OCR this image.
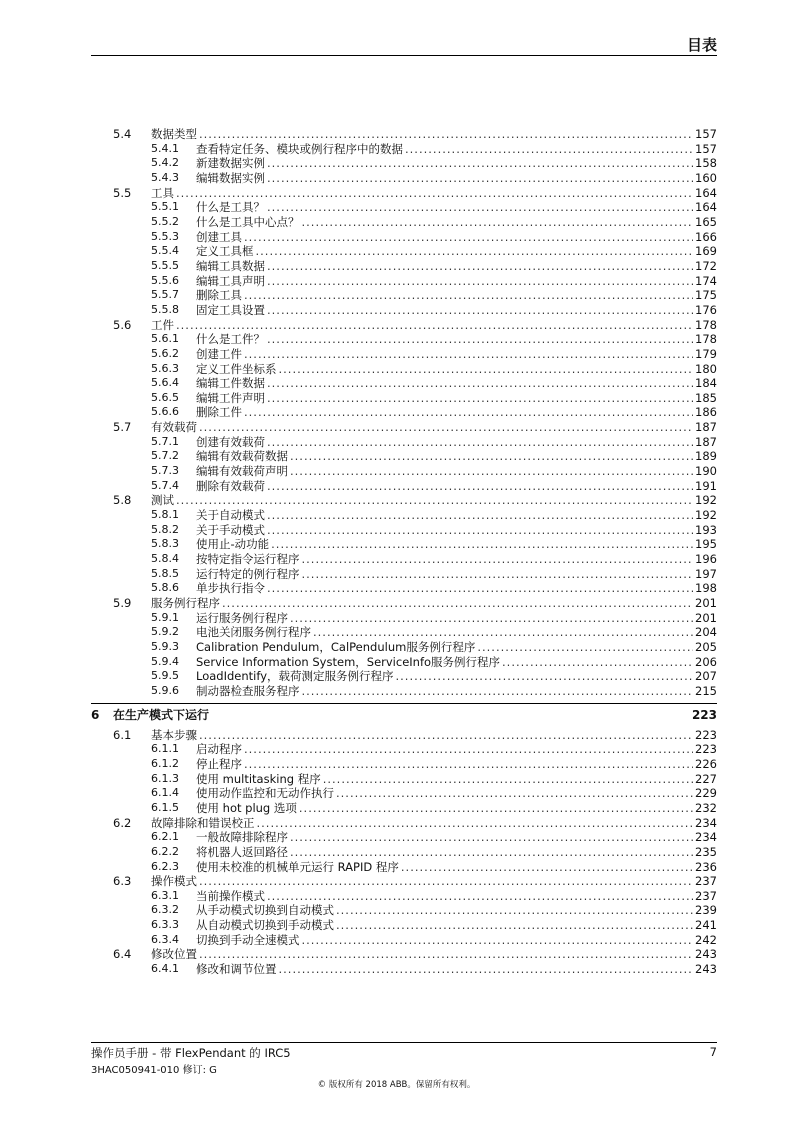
目表
5.4 数据类型 .....	157
5.4.1 查看特定任务、模块或例行程序中的数据 .....	157
5.4.2 新建数据实例 .....	158
5.4.3 编辑数据实例 .....	160
5.5 工具 .....	164
5.5.1 什么是工具？ .....	164
5.5.2 什么是工具中心点？ .....	165
5.5.3 创建工具 .....	166
5.5.4 定义工具框 .....	169
5.5.5 编辑工具数据 .....	172
5.5.6 编辑工具声明 .....	174
5.5.7 删除工具 .....	175
5.5.8 固定工具设置 .....	176
5.6 工件 .....	178
5.6.1 什么是工件？ .....	178
5.6.2 创建工件 .....	179
5.6.3 定义工件坐标系 .....	180
5.6.4 编辑工件数据 .....	184
5.6.5 编辑工件声明 .....	185
5.6.6 删除工件 .....	186
5.7 有效载荷 .....	187
5.7.1 创建有效载荷 .....	187
5.7.2 编辑有效载荷数据 .....	189
5.7.3 编辑有效载荷声明 .....	190
5.7.4 删除有效载荷 .....	191
5.8 测试 .....	192
5.8.1 关于自动模式 .....	192
5.8.2 关于手动模式 .....	193
5.8.3 使用止-动功能 .....	195
5.8.4 按特定指令运行程序 .....	196
5.8.5 运行特定的例行程序 .....	197
5.8.6 单步执行指令 .....	198
5.9 服务例行程序 .....	201
5.9.1 运行服务例行程序 .....	201
5.9.2 电池关闭服务例行程序 .....	204
5.9.3 Calibration Pendulum，CalPendulum服务例行程序 .....	205
5.9.4 Service Information System，ServiceInfo服务例行程序 .....	206
5.9.5 LoadIdentify，载荷测定服务例行程序 .....	207
5.9.6 制动器检查服务程序 .....	215
6 在生产模式下运行	223
6.1 基本步骤 .....	223
6.1.1 启动程序 .....	223
6.1.2 停止程序 .....	226
6.1.3 使用 multitasking 程序 .....	227
6.1.4 使用动作监控和无动作执行 .....	229
6.1.5 使用 hot plug 选项 .....	232
6.2 故障排除和错误校正 .....	234
6.2.1 一般故障排除程序 .....	234
6.2.2 将机器人返回路径 .....	235
6.2.3 使用未校准的机械单元运行 RAPID 程序 .....	236
6.3 操作模式 .....	237
6.3.1 当前操作模式 .....	237
6.3.2 从手动模式切换到自动模式 .....	239
6.3.3 从自动模式切换到手动模式 .....	241
6.3.4 切换到手动全速模式 .....	242
6.4 修改位置 .....	243
6.4.1 修改和调节位置 .....	243
操作员手册 - 带 FlexPendant 的 IRC5
3HAC050941-010 修订: G
7
© 版权所有 2018 ABB。保留所有权利。
